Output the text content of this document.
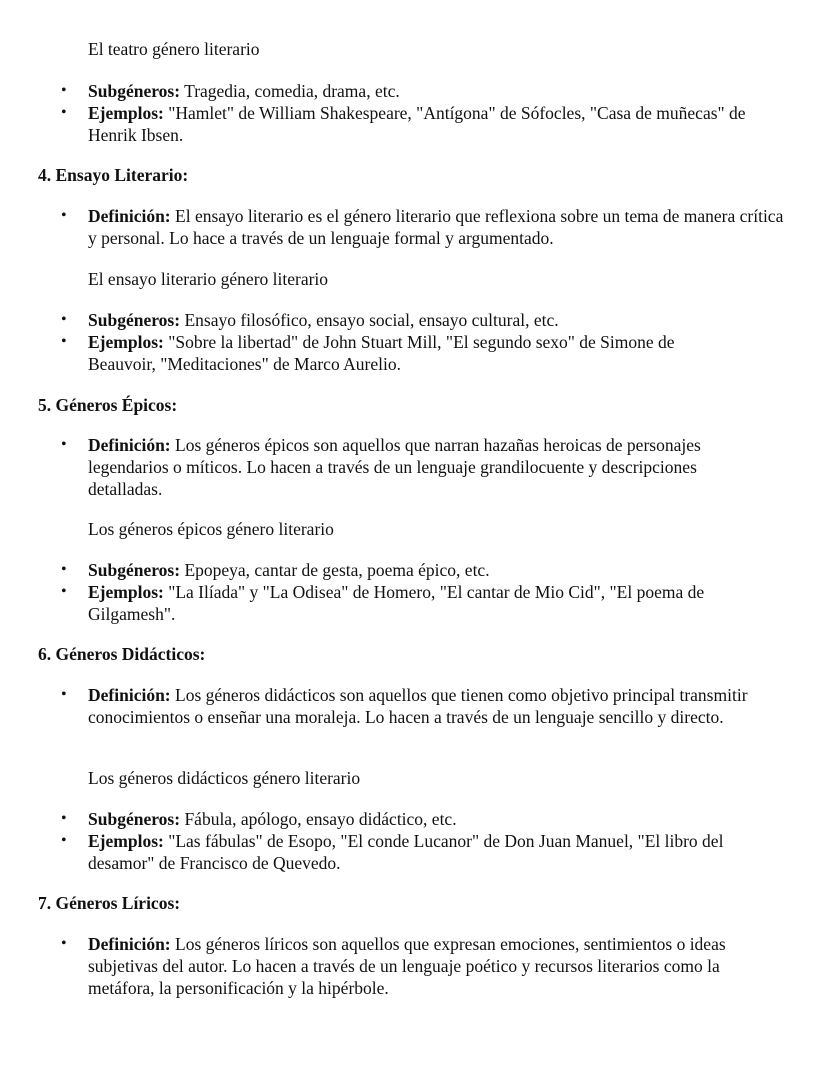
El teatro género literario

• Subgéneros: Tragedia, comedia, drama, etc.
• Ejemplos: "Hamlet" de William Shakespeare, "Antígona" de Sófocles, "Casa de muñecas" de Henrik Ibsen.
4. Ensayo Literario:
• Definición: El ensayo literario es el género literario que reflexiona sobre un tema de manera crítica y personal. Lo hace a través de un lenguaje formal y argumentado.

El ensayo literario género literario

• Subgéneros: Ensayo filosófico, ensayo social, ensayo cultural, etc.
• Ejemplos: "Sobre la libertad" de John Stuart Mill, "El segundo sexo" de Simone de Beauvoir, "Meditaciones" de Marco Aurelio.
5. Géneros Épicos:
• Definición: Los géneros épicos son aquellos que narran hazañas heroicas de personajes legendarios o míticos. Lo hacen a través de un lenguaje grandilocuente y descripciones detalladas.

Los géneros épicos género literario

• Subgéneros: Epopeya, cantar de gesta, poema épico, etc.
• Ejemplos: "La Ilíada" y "La Odisea" de Homero, "El cantar de Mio Cid", "El poema de Gilgamesh".
6. Géneros Didácticos:
• Definición: Los géneros didácticos son aquellos que tienen como objetivo principal transmitir conocimientos o enseñar una moraleja. Lo hacen a través de un lenguaje sencillo y directo.

Los géneros didácticos género literario

• Subgéneros: Fábula, apólogo, ensayo didáctico, etc.
• Ejemplos: "Las fábulas" de Esopo, "El conde Lucanor" de Don Juan Manuel, "El libro del desamor" de Francisco de Quevedo.
7. Géneros Líricos:
• Definición: Los géneros líricos son aquellos que expresan emociones, sentimientos o ideas subjetivas del autor. Lo hacen a través de un lenguaje poético y recursos literarios como la metáfora, la personificación y la hipérbole.
